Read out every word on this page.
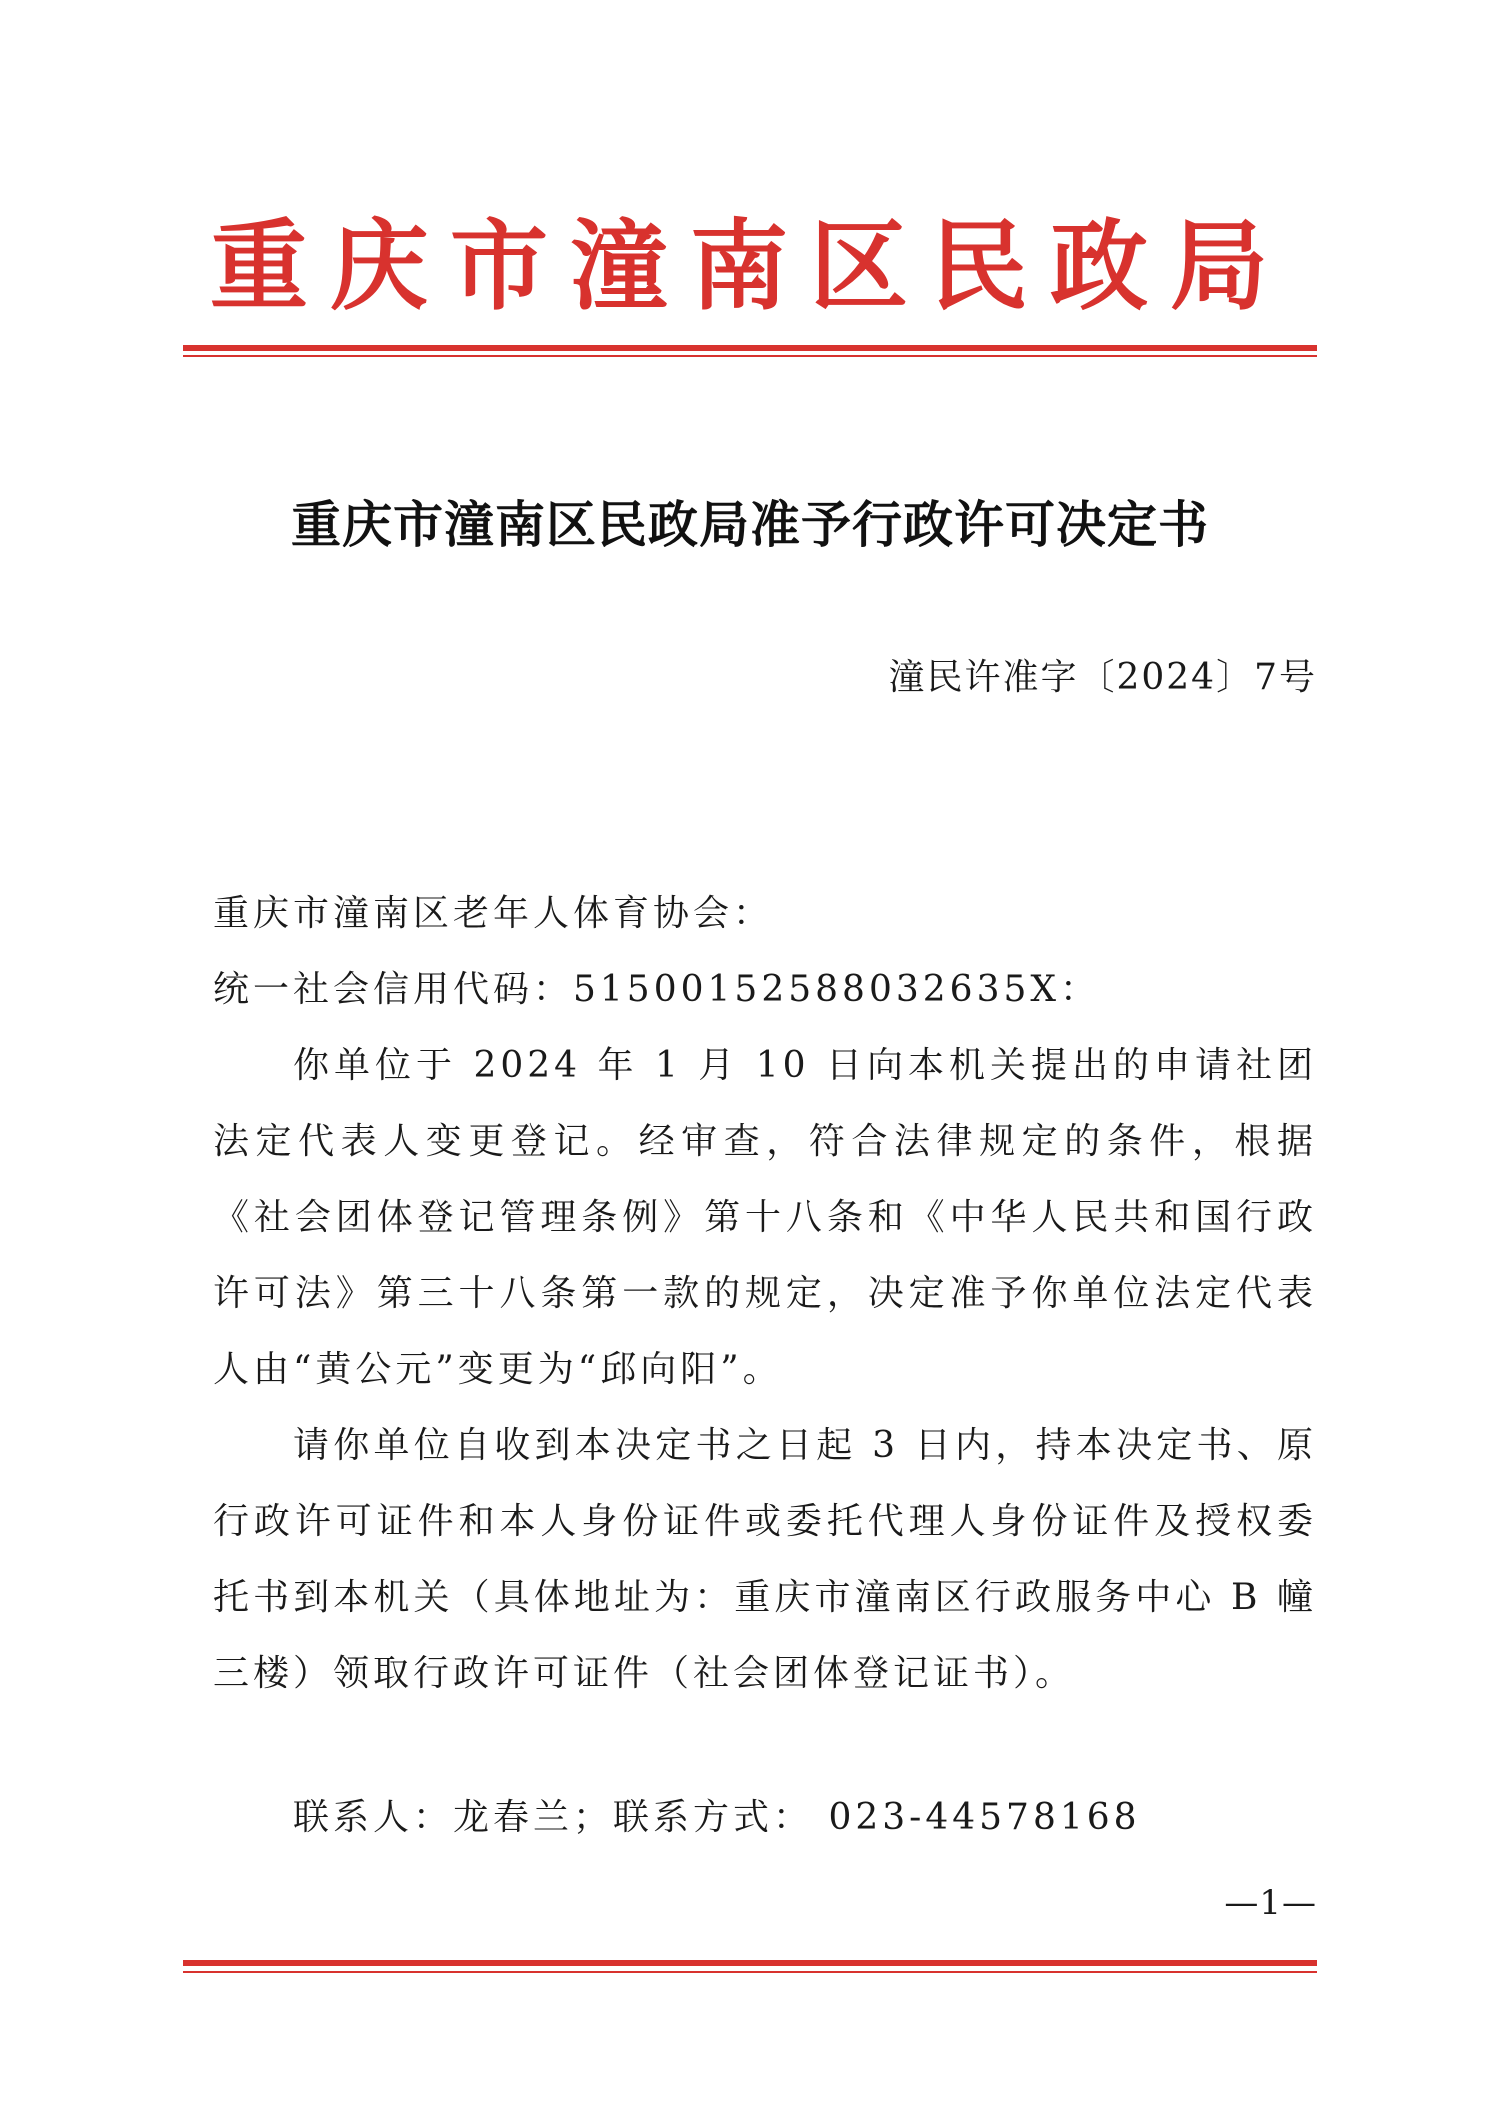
重庆市潼南区民政局
重庆市潼南区民政局准予行政许可决定书
潼民许准字〔2024〕7号
重庆市潼南区老年人体育协会：
统一社会信用代码：51500152588032635X：
你单位于 2024 年 1 月 10 日向本机关提出的申请社团法定代表人变更登记。经审查，符合法律规定的条件，根据《社会团体登记管理条例》第十八条和《中华人民共和国行政许可法》第三十八条第一款的规定，决定准予你单位法定代表人由“黄公元”变更为“邱向阳”。
请你单位自收到本决定书之日起 3 日内，持本决定书、原行政许可证件和本人身份证件或委托代理人身份证件及授权委托书到本机关（具体地址为：重庆市潼南区行政服务中心 B 幢三楼）领取行政许可证件（社会团体登记证书）。
联系人：龙春兰；联系方式： 023-44578168
—1—
